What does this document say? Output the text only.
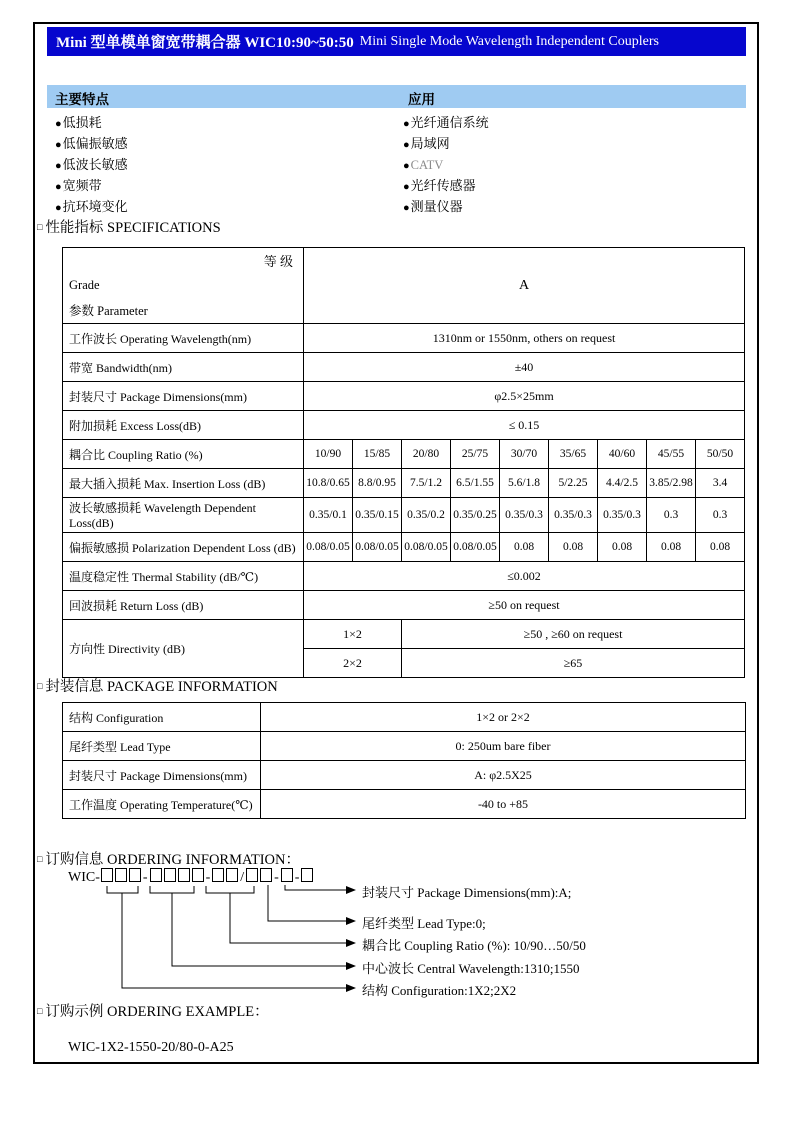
Mini 型单模单窗宽带耦合器 WIC10:90~50:50 Mini Single Mode Wavelength Independent Couplers
主要特点	应用
●低损耗
●低偏振敏感
●低波长敏感
●宽频带
●抗环境变化
●光纤通信系统
●局域网
●CATV
●光纤传感器
●测量仪器
□ 性能指标 SPECIFICATIONS
等 级
Grade
参数 Parameter	A								
工作波长 Operating Wavelength(nm)	1310nm or 1550nm, others on request								
带宽 Bandwidth(nm)	±40								
封装尺寸 Package Dimensions(mm)	φ2.5×25mm								
附加损耗 Excess Loss(dB)	≤ 0.15								
耦合比 Coupling Ratio (%)	10/90	15/85	20/80	25/75	30/70	35/65	40/60	45/55	50/50
最大插入损耗 Max. Insertion Loss (dB)	10.8/0.65	8.8/0.95	7.5/1.2	6.5/1.55	5.6/1.8	5/2.25	4.4/2.5	3.85/2.98	3.4
波长敏感损耗 Wavelength Dependent Loss(dB)	0.35/0.1	0.35/0.15	0.35/0.2	0.35/0.25	0.35/0.3	0.35/0.3	0.35/0.3	0.3	0.3
偏振敏感损 Polarization Dependent Loss (dB)	0.08/0.05	0.08/0.05	0.08/0.05	0.08/0.05	0.08	0.08	0.08	0.08	0.08
温度稳定性 Thermal Stability (dB/℃)	≤0.002								
回波损耗 Return Loss (dB)	≥50 on request								
方向性 Directivity (dB)	1×2		≥50 , ≥60 on request						
	2×2		≥65						
□ 封装信息 PACKAGE INFORMATION
结构 Configuration	1×2 or 2×2
尾纤类型 Lead Type	0: 250um bare fiber
封装尺寸 Package Dimensions(mm)	A: φ2.5X25
工作温度 Operating Temperature(℃)	-40 to +85
□ 订购信息 ORDERING INFORMATION：
WIC-	-	- / - -
封装尺寸 Package Dimensions(mm):A;
尾纤类型 Lead Type:0;
耦合比 Coupling Ratio (%): 10/90…50/50
中心波长 Central Wavelength:1310;1550
结构 Configuration:1X2;2X2
□ 订购示例 ORDERING EXAMPLE：
WIC-1X2-1550-20/80-0-A25
